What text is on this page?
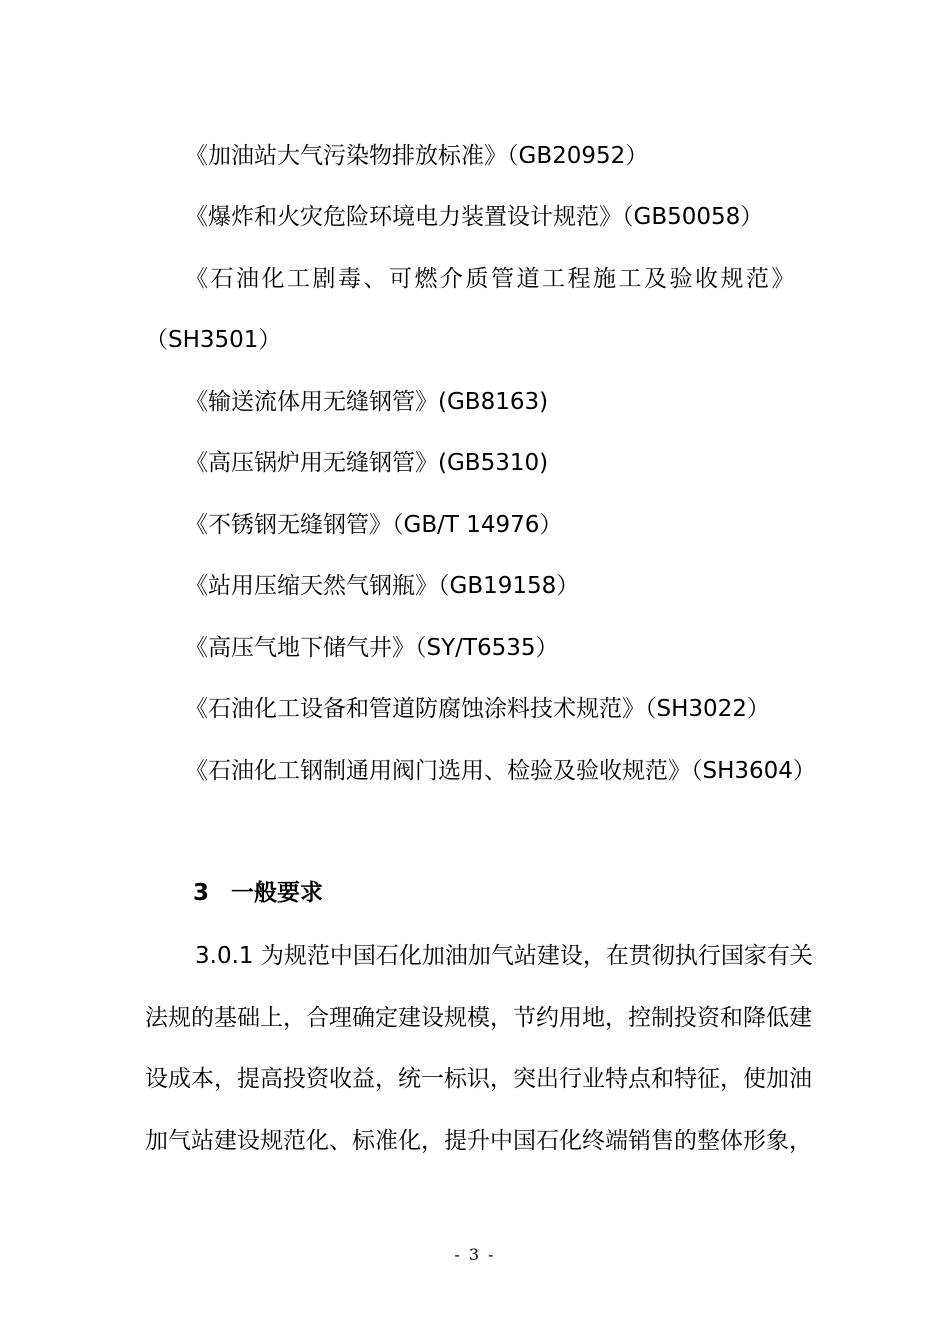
《加油站大气污染物排放标准》（GB20952）
《爆炸和火灾危险环境电力装置设计规范》（GB50058）
《石油化工剧毒、可燃介质管道工程施工及验收规范》
（SH3501）
《输送流体用无缝钢管》(GB8163)
《高压锅炉用无缝钢管》(GB5310)
《不锈钢无缝钢管》（GB/T 14976）
《站用压缩天然气钢瓶》（GB19158）
《高压气地下储气井》（SY/T6535）
《石油化工设备和管道防腐蚀涂料技术规范》（SH3022）
《石油化工钢制通用阀门选用、检验及验收规范》（SH3604）
3 一般要求
3.0.1 为规范中国石化加油加气站建设，在贯彻执行国家有关
法规的基础上，合理确定建设规模，节约用地，控制投资和降低建
设成本，提高投资收益，统一标识，突出行业特点和特征，使加油
加气站建设规范化、标准化，提升中国石化终端销售的整体形象，
- 3 -
